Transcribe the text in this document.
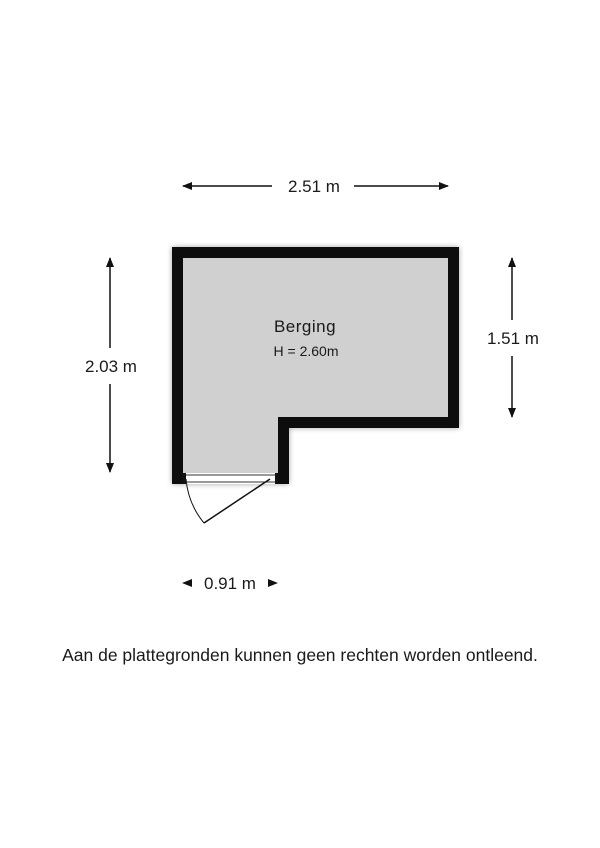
2.51 m
2.03 m
1.51 m
Berging
H = 2.60m
0.91 m
Aan de plattegronden kunnen geen rechten worden ontleend.
